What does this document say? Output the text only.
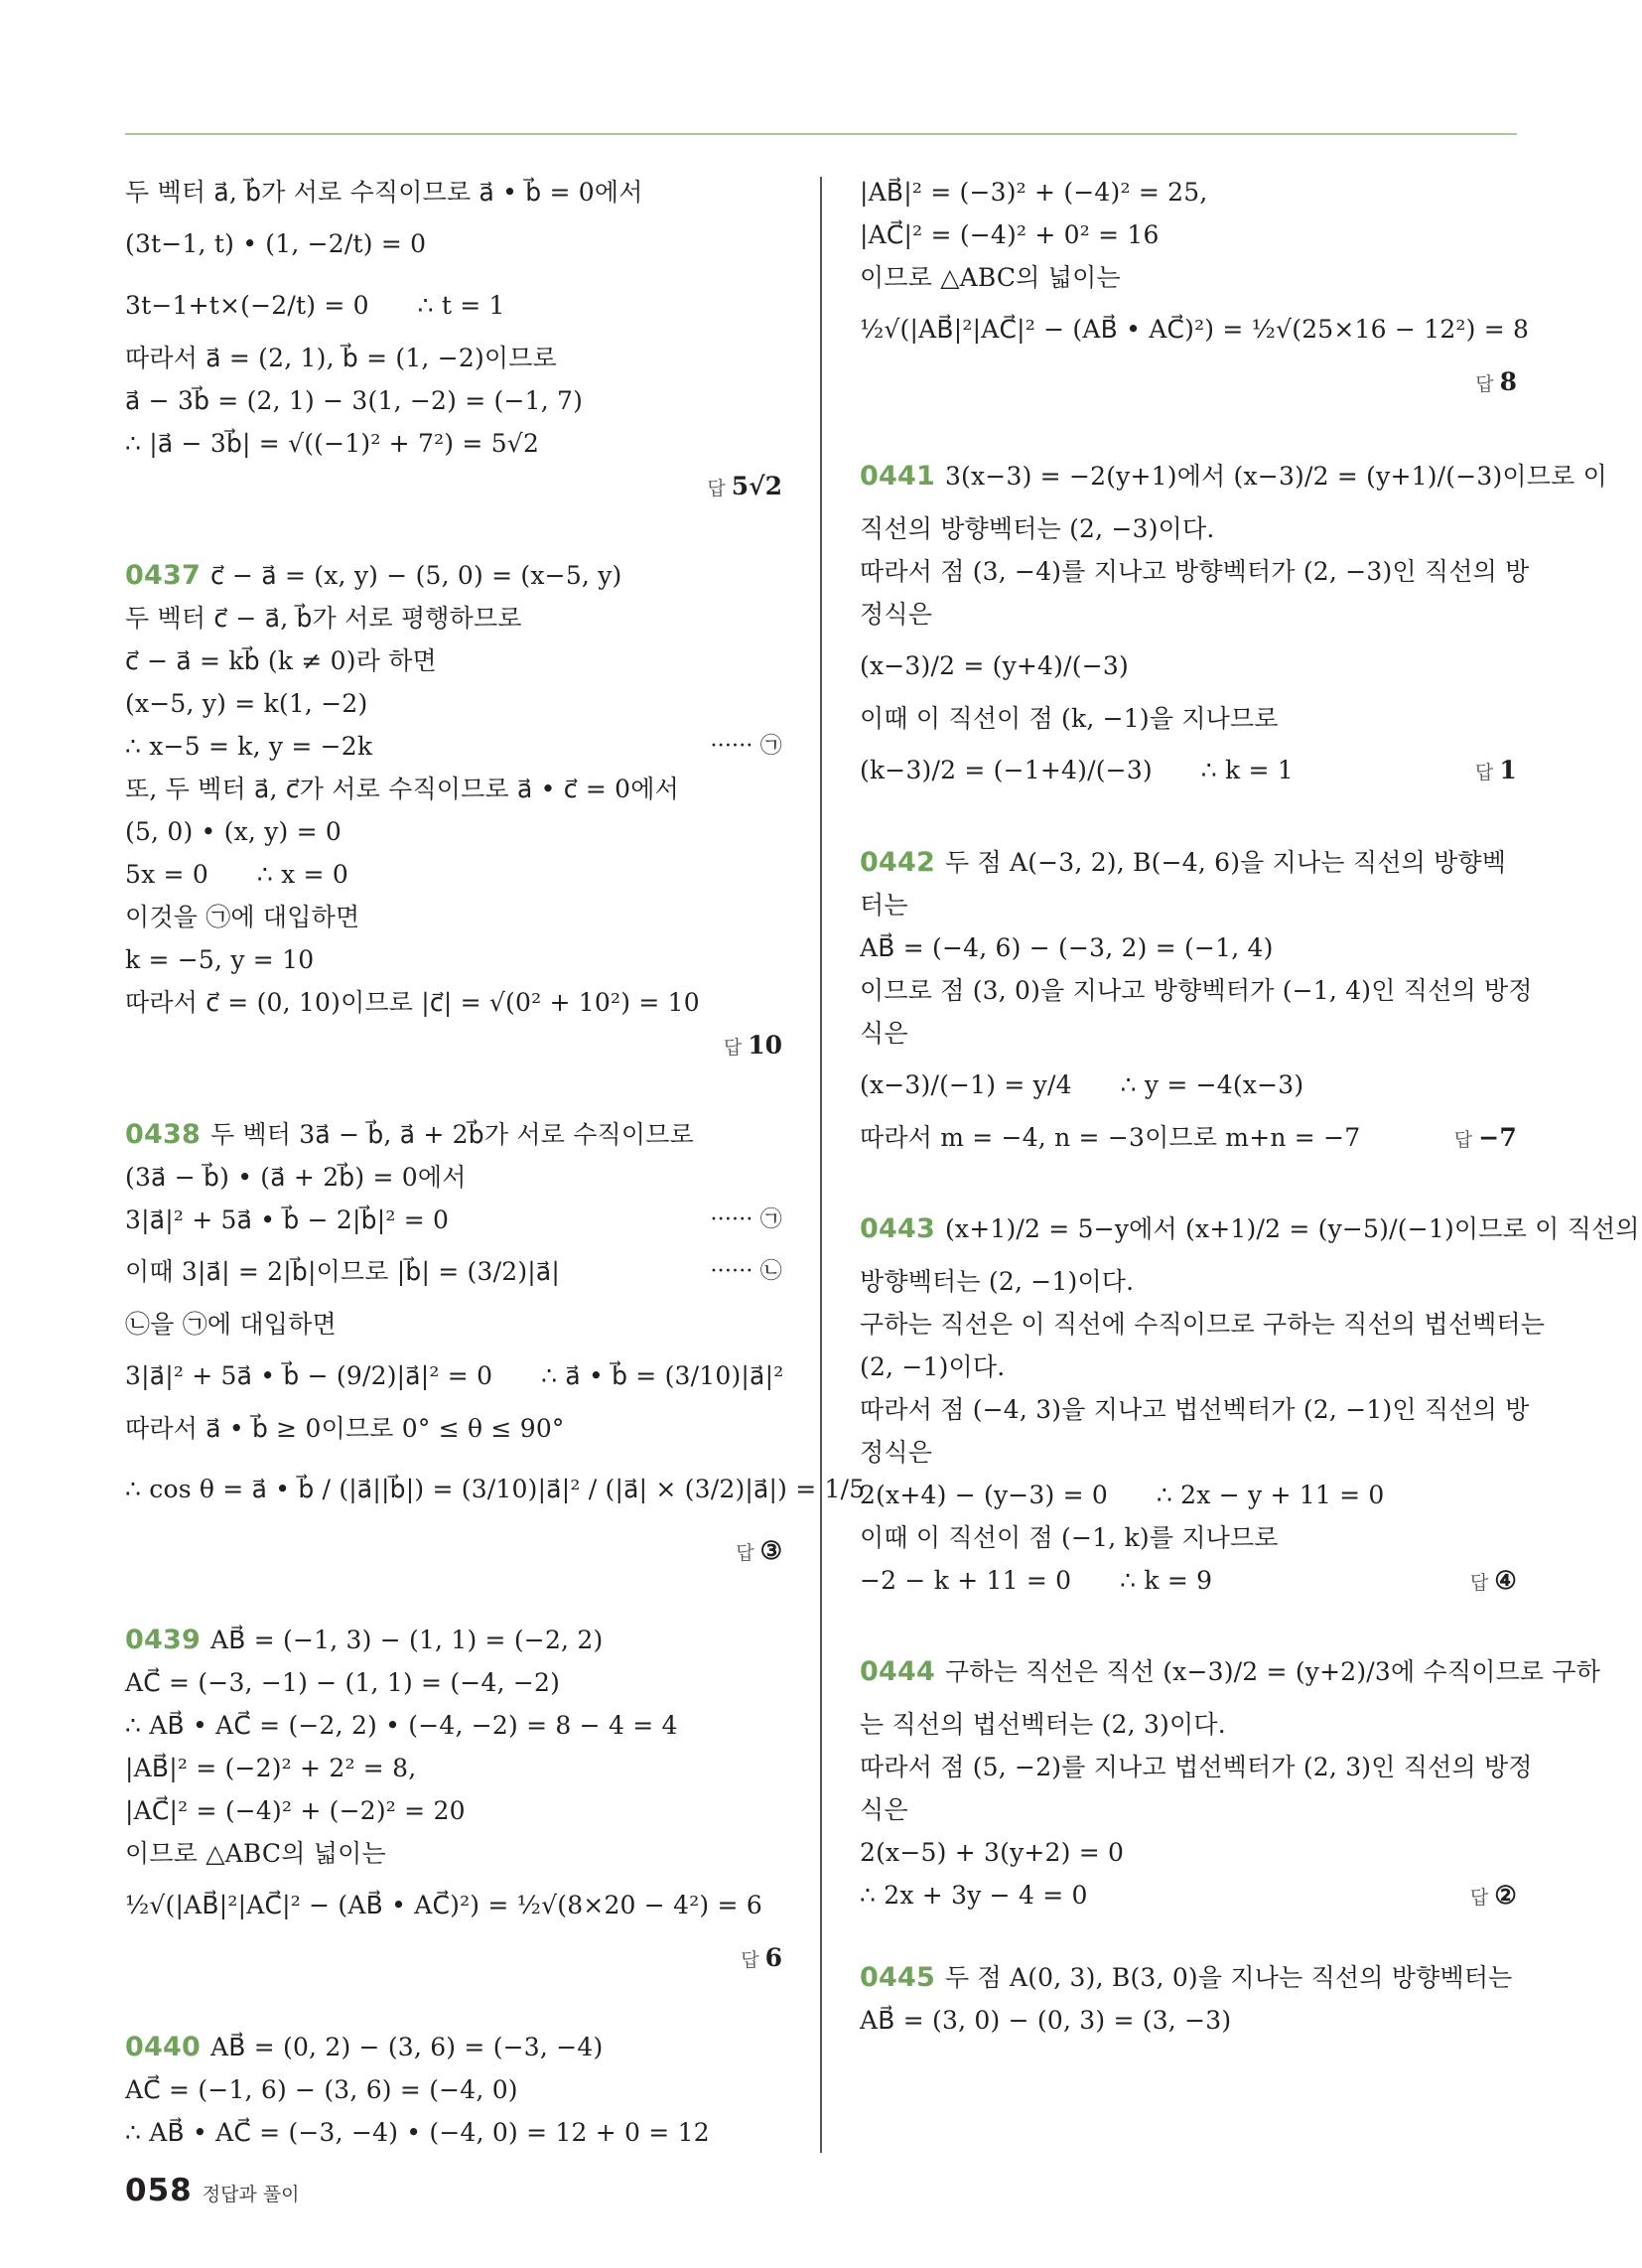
두 벡터 a⃗, b⃗가 서로 수직이므로 a⃗ • b⃗ = 0에서
(3t−1, t) • (1, −2/t) = 0
3t−1+t×(−2/t) = 0      ∴ t = 1
따라서 a⃗ = (2, 1), b⃗ = (1, −2)이므로
a⃗ − 3b⃗ = (2, 1) − 3(1, −2) = (−1, 7)
∴ |a⃗ − 3b⃗| = √((−1)² + 7²) = 5√2
답 5√2
0437 c⃗ − a⃗ = (x, y) − (5, 0) = (x−5, y)
두 벡터 c⃗ − a⃗, b⃗가 서로 평행하므로
c⃗ − a⃗ = kb⃗ (k ≠ 0)라 하면
(x−5, y) = k(1, −2)
∴ x−5 = k, y = −2k	······ ㉠
또, 두 벡터 a⃗, c⃗가 서로 수직이므로 a⃗ • c⃗ = 0에서
(5, 0) • (x, y) = 0
5x = 0      ∴ x = 0
이것을 ㉠에 대입하면
k = −5, y = 10
따라서 c⃗ = (0, 10)이므로 |c⃗| = √(0² + 10²) = 10
답 10
0438 두 벡터 3a⃗ − b⃗, a⃗ + 2b⃗가 서로 수직이므로
(3a⃗ − b⃗) • (a⃗ + 2b⃗) = 0에서
3|a⃗|² + 5a⃗ • b⃗ − 2|b⃗|² = 0	······ ㉠
이때 3|a⃗| = 2|b⃗|이므로 |b⃗| = (3/2)|a⃗|	······ ㉡
㉡을 ㉠에 대입하면
3|a⃗|² + 5a⃗ • b⃗ − (9/2)|a⃗|² = 0      ∴ a⃗ • b⃗ = (3/10)|a⃗|²
따라서 a⃗ • b⃗ ≥ 0이므로 0° ≤ θ ≤ 90°
∴ cos θ = a⃗ • b⃗ / (|a⃗||b⃗|) = (3/10)|a⃗|² / (|a⃗| × (3/2)|a⃗|) = 1/5
답 ③
0439 AB⃗ = (−1, 3) − (1, 1) = (−2, 2)
AC⃗ = (−3, −1) − (1, 1) = (−4, −2)
∴ AB⃗ • AC⃗ = (−2, 2) • (−4, −2) = 8 − 4 = 4
|AB⃗|² = (−2)² + 2² = 8,
|AC⃗|² = (−4)² + (−2)² = 20
이므로 △ABC의 넓이는
½√(|AB⃗|²|AC⃗|² − (AB⃗ • AC⃗)²) = ½√(8×20 − 4²) = 6
답 6
0440 AB⃗ = (0, 2) − (3, 6) = (−3, −4)
AC⃗ = (−1, 6) − (3, 6) = (−4, 0)
∴ AB⃗ • AC⃗ = (−3, −4) • (−4, 0) = 12 + 0 = 12
|AB⃗|² = (−3)² + (−4)² = 25,
|AC⃗|² = (−4)² + 0² = 16
이므로 △ABC의 넓이는
½√(|AB⃗|²|AC⃗|² − (AB⃗ • AC⃗)²) = ½√(25×16 − 12²) = 8
답 8
0441 3(x−3) = −2(y+1)에서 (x−3)/2 = (y+1)/(−3)이므로 이
직선의 방향벡터는 (2, −3)이다.
따라서 점 (3, −4)를 지나고 방향벡터가 (2, −3)인 직선의 방
정식은
(x−3)/2 = (y+4)/(−3)
이때 이 직선이 점 (k, −1)을 지나므로
(k−3)/2 = (−1+4)/(−3)      ∴ k = 1	답 1
0442 두 점 A(−3, 2), B(−4, 6)을 지나는 직선의 방향벡
터는
AB⃗ = (−4, 6) − (−3, 2) = (−1, 4)
이므로 점 (3, 0)을 지나고 방향벡터가 (−1, 4)인 직선의 방정
식은
(x−3)/(−1) = y/4      ∴ y = −4(x−3)
따라서 m = −4, n = −3이므로 m+n = −7	답 −7
0443 (x+1)/2 = 5−y에서 (x+1)/2 = (y−5)/(−1)이므로 이 직선의
방향벡터는 (2, −1)이다.
구하는 직선은 이 직선에 수직이므로 구하는 직선의 법선벡터는
(2, −1)이다.
따라서 점 (−4, 3)을 지나고 법선벡터가 (2, −1)인 직선의 방
정식은
2(x+4) − (y−3) = 0      ∴ 2x − y + 11 = 0
이때 이 직선이 점 (−1, k)를 지나므로
−2 − k + 11 = 0      ∴ k = 9	답 ④
0444 구하는 직선은 직선 (x−3)/2 = (y+2)/3에 수직이므로 구하
는 직선의 법선벡터는 (2, 3)이다.
따라서 점 (5, −2)를 지나고 법선벡터가 (2, 3)인 직선의 방정
식은
2(x−5) + 3(y+2) = 0
∴ 2x + 3y − 4 = 0	답 ②
0445 두 점 A(0, 3), B(3, 0)을 지나는 직선의 방향벡터는
AB⃗ = (3, 0) − (0, 3) = (3, −3)
058 정답과 풀이
